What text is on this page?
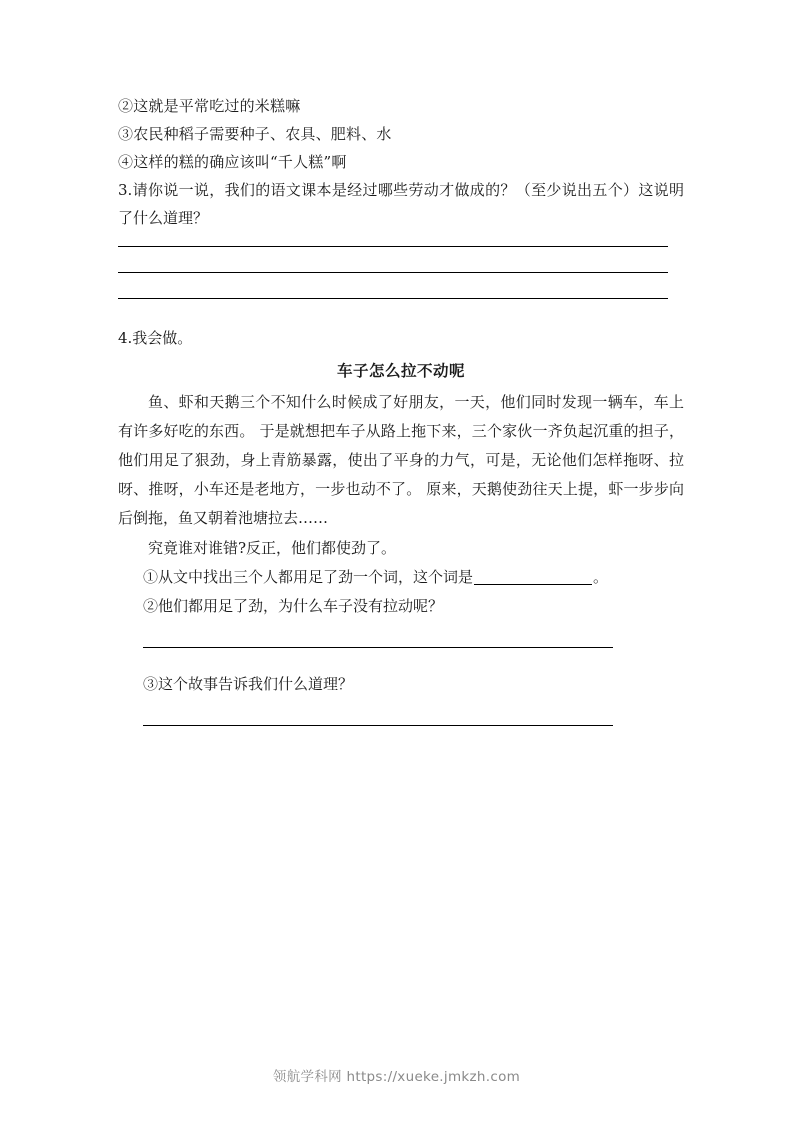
②这就是平常吃过的米糕嘛
③农民种稻子需要种子、农具、肥料、水
④这样的糕的确应该叫“千人糕”啊
3.请你说一说，我们的语文课本是经过哪些劳动才做成的？（至少说出五个）这说明了什么道理？
4.我会做。
车子怎么拉不动呢
鱼、虾和天鹅三个不知什么时候成了好朋友，一天，他们同时发现一辆车，车上有许多好吃的东西。 于是就想把车子从路上拖下来，三个家伙一齐负起沉重的担子，他们用足了狠劲，身上青筋暴露，使出了平身的力气，可是，无论他们怎样拖呀、拉呀、推呀，小车还是老地方，一步也动不了。 原来，天鹅使劲往天上提，虾一步步向后倒拖，鱼又朝着池塘拉去……
究竟谁对谁错?反正，他们都使劲了。
①从文中找出三个人都用足了劲一个词，这个词是	。
②他们都用足了劲，为什么车子没有拉动呢？
③这个故事告诉我们什么道理？
领航学科网 https://xueke.jmkzh.com
